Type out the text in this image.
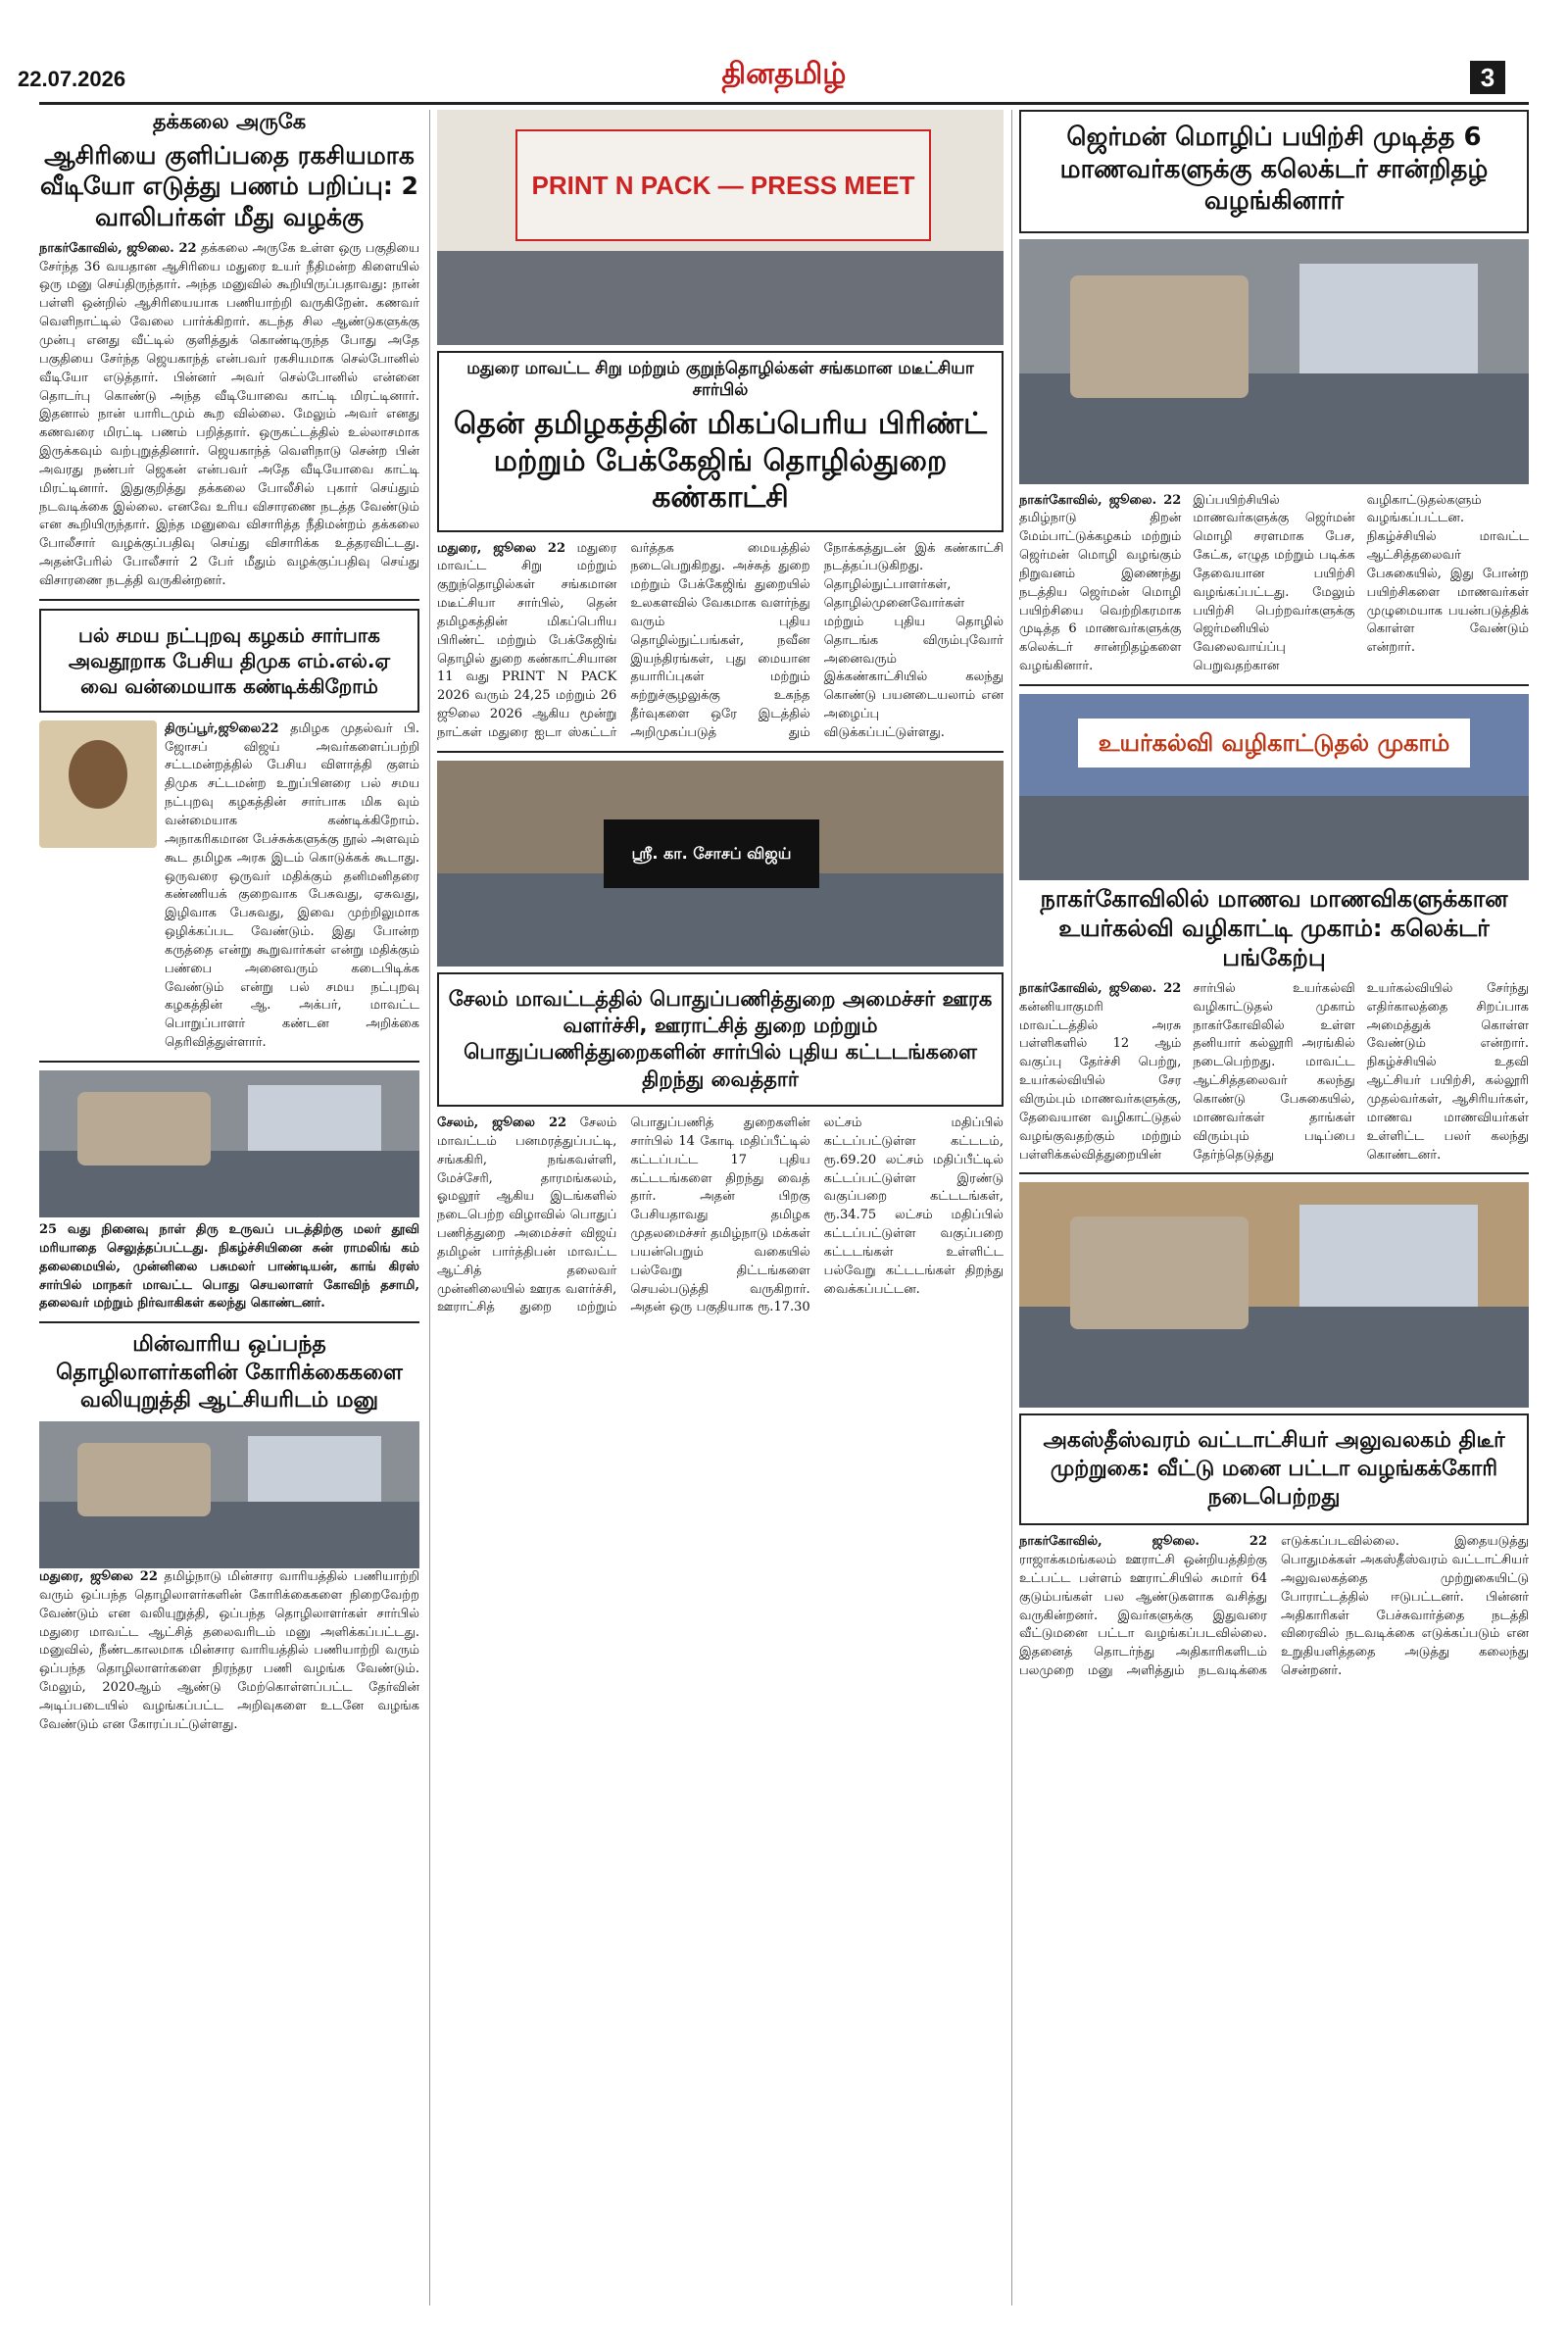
22.07.2026	தினதமிழ்	3
தக்கலை அருகே
ஆசிரியை குளிப்பதை ரகசியமாக வீடியோ எடுத்து பணம் பறிப்பு: 2 வாலிபர்கள் மீது வழக்கு

நாகர்கோவில், ஜூலை. 22 தக்கலை அருகே உள்ள ஒரு பகுதியை சேர்ந்த 36 வயதான ஆசிரியை மதுரை உயர் நீதிமன்ற கிளையில் ஒரு மனு செய்திருந்தார். அந்த மனுவில் கூறியிருப்பதாவது: நான் பள்ளி ஒன்றில் ஆசிரியையாக பணியாற்றி வருகிறேன். கணவர் வெளிநாட்டில் வேலை பார்க்கிறார். கடந்த சில ஆண்டுகளுக்கு முன்பு எனது வீட்டில் குளித்துக் கொண்டிருந்த போது அதே பகுதியை சேர்ந்த ஜெயகாந்த் என்பவர் ரகசியமாக செல்போனில் வீடியோ எடுத்தார். பின்னர் அவர் செல்போனில் என்னை தொடர்பு கொண்டு அந்த வீடியோவை காட்டி மிரட்டினார். இதனால் நான் யாரிடமும் கூற வில்லை. மேலும் அவர் எனது கணவரை மிரட்டி பணம் பறித்தார். ஒருகட்டத்தில் உல்லாசமாக இருக்கவும் வற்புறுத்தினார். ஜெயகாந்த் வெளிநாடு சென்ற பின் அவரது நண்பர் ஜெகன் என்பவர் அதே வீடியோவை காட்டி மிரட்டினார். இதுகுறித்து தக்கலை போலீசில் புகார் செய்தும் நடவடிக்கை இல்லை. எனவே உரிய விசாரணை நடத்த வேண்டும் என கூறியிருந்தார். இந்த மனுவை விசாரித்த நீதிமன்றம் தக்கலை போலீசார் வழக்குப்பதிவு செய்து விசாரிக்க உத்தரவிட்டது. அதன்பேரில் போலீசார் 2 பேர் மீதும் வழக்குப்பதிவு செய்து விசாரணை நடத்தி வருகின்றனர்.

பல் சமய நட்புறவு கழகம் சார்பாக அவதூறாக பேசிய திமுக எம்.எல்.ஏ வை வன்மையாக கண்டிக்கிறோம்

திருப்பூர்,ஜூலை22 தமிழக முதல்வர் பி. ஜோசப் விஜய் அவர்களைப்பற்றி சட்டமன்றத்தில் பேசிய விளாத்தி குளம் திமுக சட்டமன்ற உறுப்பினரை பல் சமய நட்புறவு கழகத்தின் சார்பாக மிக வும் வன்மையாக கண்டிக்கிறோம். அநாகரிகமான பேச்சுக்களுக்கு நூல் அளவும் கூட தமிழக அரசு இடம் கொடுக்கக் கூடாது. ஒருவரை ஒருவர் மதிக்கும் தனிமனிதரை கண்ணியக் குறைவாக பேசுவது, ஏசுவது, இழிவாக பேசுவது, இவை முற்றிலுமாக ஒழிக்கப்பட வேண்டும். இது போன்ற கருத்தை என்று கூறுவார்கள் என்று மதிக்கும் பண்பை அனைவரும் கடைபிடிக்க வேண்டும் என்று பல் சமய நட்புறவு கழகத்தின் ஆ. அக்பர், மாவட்ட பொறுப்பாளர் கண்டன அறிக்கை தெரிவித்துள்ளார்.

25 வது நினைவு நாள் திரு உருவப் படத்திற்கு மலர் தூவி மரியாதை செலுத்தப்பட்டது. நிகழ்ச்சியினை சுன் ராமலிங் கம் தலைமையில், முன்னிலை பசுமலர் பாண்டியன், காங் கிரஸ் சார்பில் மாநகர் மாவட்ட பொது செயலாளர் கோவிந் தசாமி, தலைவர் மற்றும் நிர்வாகிகள் கலந்து கொண்டனர்.

மின்வாரிய ஒப்பந்த தொழிலாளர்களின் கோரிக்கைகளை வலியுறுத்தி ஆட்சியரிடம் மனு

மதுரை, ஜூலை 22 தமிழ்நாடு மின்சார வாரியத்தில் பணியாற்றி வரும் ஒப்பந்த தொழிலாளர்களின் கோரிக்கைகளை நிறைவேற்ற வேண்டும் என வலியுறுத்தி, ஒப்பந்த தொழிலாளர்கள் சார்பில் மதுரை மாவட்ட ஆட்சித் தலைவரிடம் மனு அளிக்கப்பட்டது. மனுவில், நீண்டகாலமாக மின்சார வாரியத்தில் பணியாற்றி வரும் ஒப்பந்த தொழிலாளர்களை நிரந்தர பணி வழங்க வேண்டும். மேலும், 2020ஆம் ஆண்டு மேற்கொள்ளப்பட்ட தேர்வின் அடிப்படையில் வழங்கப்பட்ட அறிவுகளை உடனே வழங்க வேண்டும் என கோரப்பட்டுள்ளது.

PRINT N PACK — PRESS MEET
மதுரை மாவட்ட சிறு மற்றும் குறுந்தொழில்கள் சங்கமான மடீட்சியா சார்பில்
தென் தமிழகத்தின் மிகப்பெரிய பிரிண்ட் மற்றும் பேக்கேஜிங் தொழில்துறை கண்காட்சி

மதுரை, ஜூலை 22 மதுரை மாவட்ட சிறு மற்றும் குறுந்தொழில்கள் சங்கமான மடீட்சியா சார்பில், தென் தமிழகத்தின் மிகப்பெரிய பிரிண்ட் மற்றும் பேக்கேஜிங் தொழில் துறை கண்காட்சியான 11 வது PRINT N PACK 2026 வரும் 24,25 மற்றும் 26 ஜூலை 2026 ஆகிய மூன்று நாட்கள் மதுரை ஐடா ஸ்கட்டர் வர்த்தக மையத்தில் நடைபெறுகிறது. அச்சுத் துறை மற்றும் பேக்கேஜிங் துறையில் உலகளவில் வேகமாக வளர்ந்து வரும் புதிய தொழில்நுட்பங்கள், நவீன இயந்திரங்கள், புது மையான தயாரிப்புகள் மற்றும் சுற்றுச்சூழலுக்கு உகந்த தீர்வுகளை ஒரே இடத்தில் அறிமுகப்படுத் தும் நோக்கத்துடன் இக் கண்காட்சி நடத்தப்படுகிறது. தொழில்நுட்பாளர்கள், தொழில்முனைவோர்கள் மற்றும் புதிய தொழில் தொடங்க விரும்புவோர் அனைவரும் இக்கண்காட்சியில் கலந்து கொண்டு பயனடையலாம் என அழைப்பு விடுக்கப்பட்டுள்ளது.

ஸ்ரீ. கா. சோசப் விஜய்
சேலம் மாவட்டத்தில் பொதுப்பணித்துறை அமைச்சர் ஊரக வளர்ச்சி, ஊராட்சித் துறை மற்றும் பொதுப்பணித்துறைகளின் சார்பில் புதிய கட்டடங்களை திறந்து வைத்தார்

சேலம், ஜூலை 22 சேலம் மாவட்டம் பனமரத்துப்பட்டி, சங்ககிரி, நங்கவள்ளி, மேச்சேரி, தாரமங்கலம், ஓமலூர் ஆகிய இடங்களில் நடைபெற்ற விழாவில் பொதுப் பணித்துறை அமைச்சர் விஜய் தமிழன் பார்த்திபன் மாவட்ட ஆட்சித் தலைவர் முன்னிலையில் ஊரக வளர்ச்சி, ஊராட்சித் துறை மற்றும் பொதுப்பணித் துறைகளின் சார்பில் 14 கோடி மதிப்பீட்டில் கட்டப்பட்ட 17 புதிய கட்டடங்களை திறந்து வைத் தார். அதன் பிறகு பேசியதாவது தமிழக முதலமைச்சர் தமிழ்நாடு மக்கள் பயன்பெறும் வகையில் பல்வேறு திட்டங்களை செயல்படுத்தி வருகிறார். அதன் ஒரு பகுதியாக ரூ.17.30 லட்சம் மதிப்பில் கட்டப்பட்டுள்ள கட்டடம், ரூ.69.20 லட்சம் மதிப்பீட்டில் கட்டப்பட்டுள்ள இரண்டு வகுப்பறை கட்டடங்கள், ரூ.34.75 லட்சம் மதிப்பில் கட்டப்பட்டுள்ள வகுப்பறை கட்டடங்கள் உள்ளிட்ட பல்வேறு கட்டடங்கள் திறந்து வைக்கப்பட்டன.

ஜெர்மன் மொழிப் பயிற்சி முடித்த 6 மாணவர்களுக்கு கலெக்டர் சான்றிதழ் வழங்கினார்

நாகர்கோவில், ஜூலை. 22 தமிழ்நாடு திறன் மேம்பாட்டுக்கழகம் மற்றும் ஜெர்மன் மொழி வழங்கும் நிறுவனம் இணைந்து நடத்திய ஜெர்மன் மொழி பயிற்சியை வெற்றிகரமாக முடித்த 6 மாணவர்களுக்கு கலெக்டர் சான்றிதழ்களை வழங்கினார். இப்பயிற்சியில் மாணவர்களுக்கு ஜெர்மன் மொழி சரளமாக பேச, கேட்க, எழுத மற்றும் படிக்க தேவையான பயிற்சி வழங்கப்பட்டது. மேலும் பயிற்சி பெற்றவர்களுக்கு ஜெர்மனியில் வேலைவாய்ப்பு பெறுவதற்கான வழிகாட்டுதல்களும் வழங்கப்பட்டன. நிகழ்ச்சியில் மாவட்ட ஆட்சித்தலைவர் பேசுகையில், இது போன்ற பயிற்சிகளை மாணவர்கள் முழுமையாக பயன்படுத்திக் கொள்ள வேண்டும் என்றார்.

உயர்கல்வி வழிகாட்டுதல் முகாம்
நாகர்கோவிலில் மாணவ மாணவிகளுக்கான உயர்கல்வி வழிகாட்டி முகாம்: கலெக்டர் பங்கேற்பு

நாகர்கோவில், ஜூலை. 22 கன்னியாகுமரி மாவட்டத்தில் அரசு பள்ளிகளில் 12 ஆம் வகுப்பு தேர்ச்சி பெற்று, உயர்கல்வியில் சேர விரும்பும் மாணவர்களுக்கு, தேவையான வழிகாட்டுதல் வழங்குவதற்கும் மற்றும் பள்ளிக்கல்வித்துறையின் சார்பில் உயர்கல்வி வழிகாட்டுதல் முகாம் நாகர்கோவிலில் உள்ள தனியார் கல்லூரி அரங்கில் நடைபெற்றது. மாவட்ட ஆட்சித்தலைவர் கலந்து கொண்டு பேசுகையில், மாணவர்கள் தாங்கள் விரும்பும் படிப்பை தேர்ந்தெடுத்து உயர்கல்வியில் சேர்ந்து எதிர்காலத்தை சிறப்பாக அமைத்துக் கொள்ள வேண்டும் என்றார். நிகழ்ச்சியில் உதவி ஆட்சியர் பயிற்சி, கல்லூரி முதல்வர்கள், ஆசிரியர்கள், மாணவ மாணவியர்கள் உள்ளிட்ட பலர் கலந்து கொண்டனர்.

அகஸ்தீஸ்வரம் வட்டாட்சியர் அலுவலகம் திடீர் முற்றுகை: வீட்டு மனை பட்டா வழங்கக்கோரி நடைபெற்றது

நாகர்கோவில், ஜூலை. 22 ராஜாக்கமங்கலம் ஊராட்சி ஒன்றியத்திற்கு உட்பட்ட பள்ளம் ஊராட்சியில் சுமார் 64 குடும்பங்கள் பல ஆண்டுகளாக வசித்து வருகின்றனர். இவர்களுக்கு இதுவரை வீட்டுமனை பட்டா வழங்கப்படவில்லை. இதனைத் தொடர்ந்து அதிகாரிகளிடம் பலமுறை மனு அளித்தும் நடவடிக்கை எடுக்கப்படவில்லை. இதையடுத்து பொதுமக்கள் அகஸ்தீஸ்வரம் வட்டாட்சியர் அலுவலகத்தை முற்றுகையிட்டு போராட்டத்தில் ஈடுபட்டனர். பின்னர் அதிகாரிகள் பேச்சுவார்த்தை நடத்தி விரைவில் நடவடிக்கை எடுக்கப்படும் என உறுதியளித்ததை அடுத்து கலைந்து சென்றனர்.
